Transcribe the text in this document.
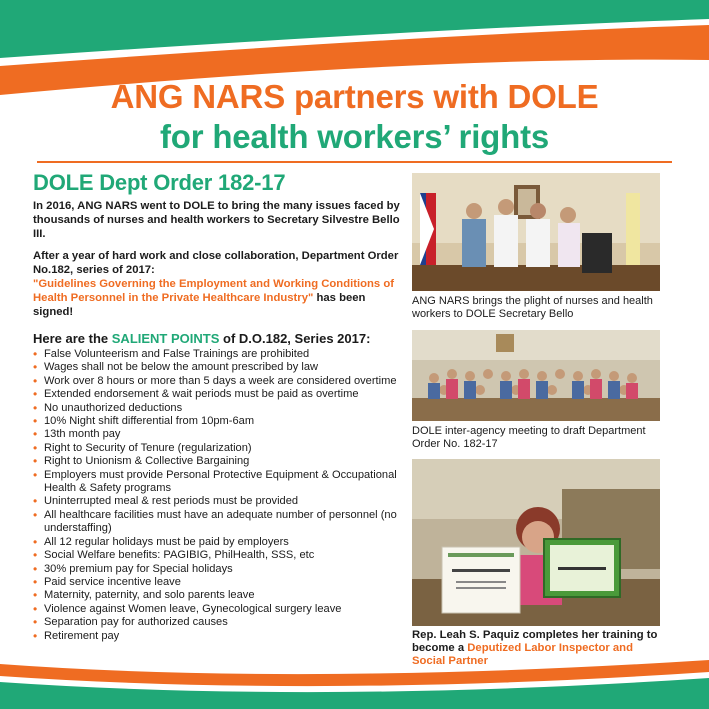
ANG NARS partners with DOLE
for health workers’ rights
DOLE Dept Order 182-17

In 2016, ANG NARS went to DOLE to bring the many issues faced by thousands of nurses and health workers to Secretary Silvestre Bello III.

After a year of hard work and close collaboration, Department Order No.182, series of 2017:
"Guidelines Governing the Employment and Working Conditions of Health Personnel in the Private Healthcare Industry" has been signed!

Here are the SALIENT POINTS of D.O.182, Series 2017:

• False Volunteerism and False Trainings are prohibited
• Wages shall not be below the amount prescribed by law
• Work over 8 hours or more than 5 days a week are considered overtime
• Extended endorsement & wait periods must be paid as overtime
• No unauthorized deductions
• 10% Night shift differential from 10pm-6am
• 13th month pay
• Right to Security of Tenure (regularization)
• Right to Unionism & Collective Bargaining
• Employers must provide Personal Protective Equipment & Occupational Health & Safety programs
• Uninterrupted meal & rest periods must be provided
• All healthcare facilities must have an adequate number of personnel (no understaffing)
• All 12 regular holidays must be paid by employers
• Social Welfare benefits: PAGIBIG, PhilHealth, SSS, etc
• 30% premium pay for Special holidays
• Paid service incentive leave
• Maternity, paternity, and solo parents leave
• Violence against Women leave, Gynecological surgery leave
• Separation pay for authorized causes
• Retirement pay
ANG NARS brings the plight of nurses and health workers to DOLE Secretary Bello
DOLE inter-agency meeting to draft Department Order No. 182-17
Rep. Leah S. Paquiz completes her training to become a Deputized Labor Inspector and Social Partner
